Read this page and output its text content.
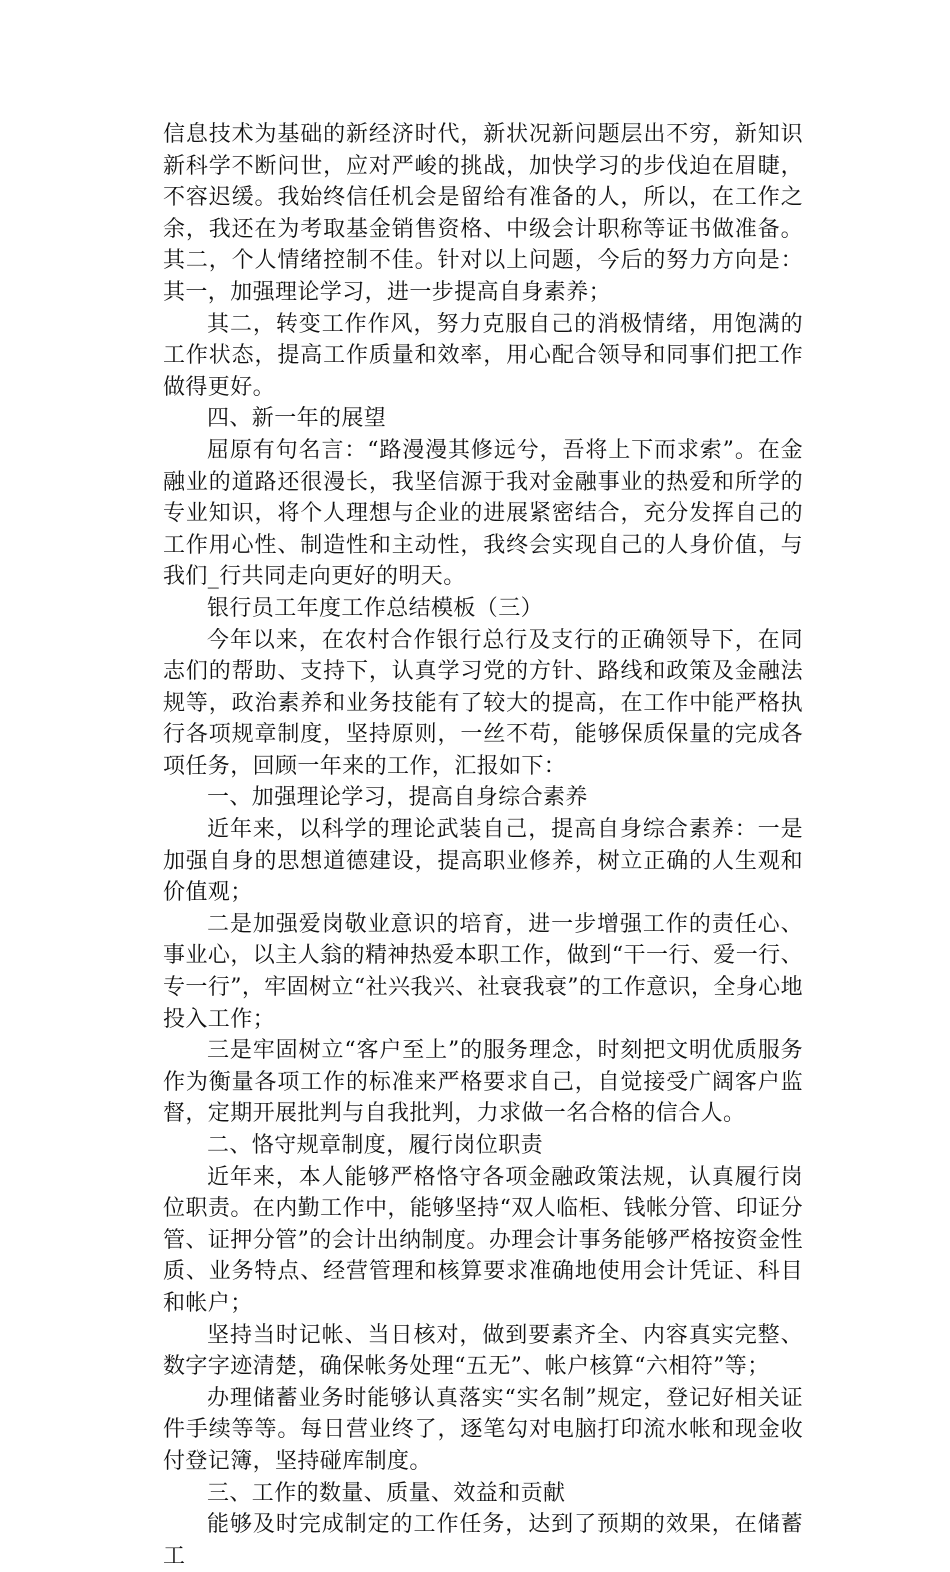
信息技术为基础的新经济时代，新状况新问题层出不穷，新知识新科学不断问世，应对严峻的挑战，加快学习的步伐迫在眉睫，不容迟缓。我始终信任机会是留给有准备的人，所以，在工作之余，我还在为考取基金销售资格、中级会计职称等证书做准备。其二，个人情绪控制不佳。针对以上问题，今后的努力方向是：其一，加强理论学习，进一步提高自身素养；

其二，转变工作作风，努力克服自己的消极情绪，用饱满的工作状态，提高工作质量和效率，用心配合领导和同事们把工作做得更好。

四、新一年的展望

屈原有句名言：“路漫漫其修远兮，吾将上下而求索”。在金融业的道路还很漫长，我坚信源于我对金融事业的热爱和所学的专业知识，将个人理想与企业的进展紧密结合，充分发挥自己的工作用心性、制造性和主动性，我终会实现自己的人身价值，与我们_行共同走向更好的明天。

银行员工年度工作总结模板（三）

今年以来，在农村合作银行总行及支行的正确领导下，在同志们的帮助、支持下，认真学习党的方针、路线和政策及金融法规等，政治素养和业务技能有了较大的提高，在工作中能严格执行各项规章制度，坚持原则，一丝不苟，能够保质保量的完成各项任务，回顾一年来的工作，汇报如下：

一、加强理论学习，提高自身综合素养

近年来，以科学的理论武装自己，提高自身综合素养：一是加强自身的思想道德建设，提高职业修养，树立正确的人生观和价值观；

二是加强爱岗敬业意识的培育，进一步增强工作的责任心、事业心，以主人翁的精神热爱本职工作，做到“干一行、爱一行、专一行”，牢固树立“社兴我兴、社衰我衰”的工作意识，全身心地投入工作；

三是牢固树立“客户至上”的服务理念，时刻把文明优质服务作为衡量各项工作的标准来严格要求自己，自觉接受广阔客户监督，定期开展批判与自我批判，力求做一名合格的信合人。

二、恪守规章制度，履行岗位职责

近年来，本人能够严格恪守各项金融政策法规，认真履行岗位职责。在内勤工作中，能够坚持“双人临柜、钱帐分管、印证分管、证押分管”的会计出纳制度。办理会计事务能够严格按资金性质、业务特点、经营管理和核算要求准确地使用会计凭证、科目和帐户；

坚持当时记帐、当日核对，做到要素齐全、内容真实完整、数字字迹清楚，确保帐务处理“五无”、帐户核算“六相符”等；

办理储蓄业务时能够认真落实“实名制”规定，登记好相关证件手续等等。每日营业终了，逐笔勾对电脑打印流水帐和现金收付登记簿，坚持碰库制度。

三、工作的数量、质量、效益和贡献

能够及时完成制定的工作任务，达到了预期的效果，在储蓄工
